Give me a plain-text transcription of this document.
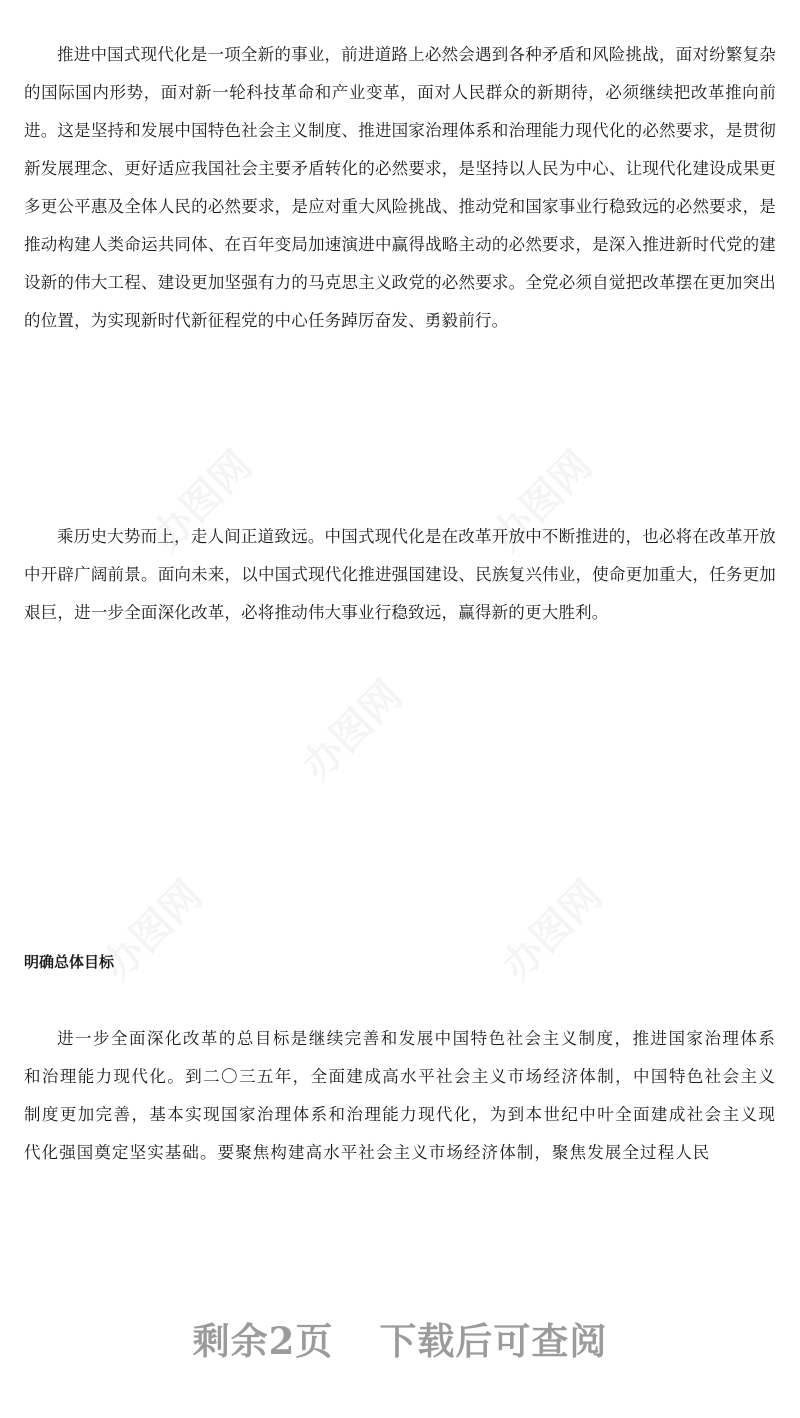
推进中国式现代化是一项全新的事业，前进道路上必然会遇到各种矛盾和风险挑战，面对纷繁复杂的国际国内形势，面对新一轮科技革命和产业变革，面对人民群众的新期待，必须继续把改革推向前进。这是坚持和发展中国特色社会主义制度、推进国家治理体系和治理能力现代化的必然要求，是贯彻新发展理念、更好适应我国社会主要矛盾转化的必然要求，是坚持以人民为中心、让现代化建设成果更多更公平惠及全体人民的必然要求，是应对重大风险挑战、推动党和国家事业行稳致远的必然要求，是推动构建人类命运共同体、在百年变局加速演进中赢得战略主动的必然要求，是深入推进新时代党的建设新的伟大工程、建设更加坚强有力的马克思主义政党的必然要求。全党必须自觉把改革摆在更加突出的位置，为实现新时代新征程党的中心任务踔厉奋发、勇毅前行。

乘历史大势而上，走人间正道致远。中国式现代化是在改革开放中不断推进的，也必将在改革开放中开辟广阔前景。面向未来，以中国式现代化推进强国建设、民族复兴伟业，使命更加重大，任务更加艰巨，进一步全面深化改革，必将推动伟大事业行稳致远，赢得新的更大胜利。

明确总体目标

进一步全面深化改革的总目标是继续完善和发展中国特色社会主义制度，推进国家治理体系和治理能力现代化。到二〇三五年，全面建成高水平社会主义市场经济体制，中国特色社会主义制度更加完善，基本实现国家治理体系和治理能力现代化，为到本世纪中叶全面建成社会主义现代化强国奠定坚实基础。要聚焦构建高水平社会主义市场经济体制，聚焦发展全过程人民

剩余2页 下载后可查阅
